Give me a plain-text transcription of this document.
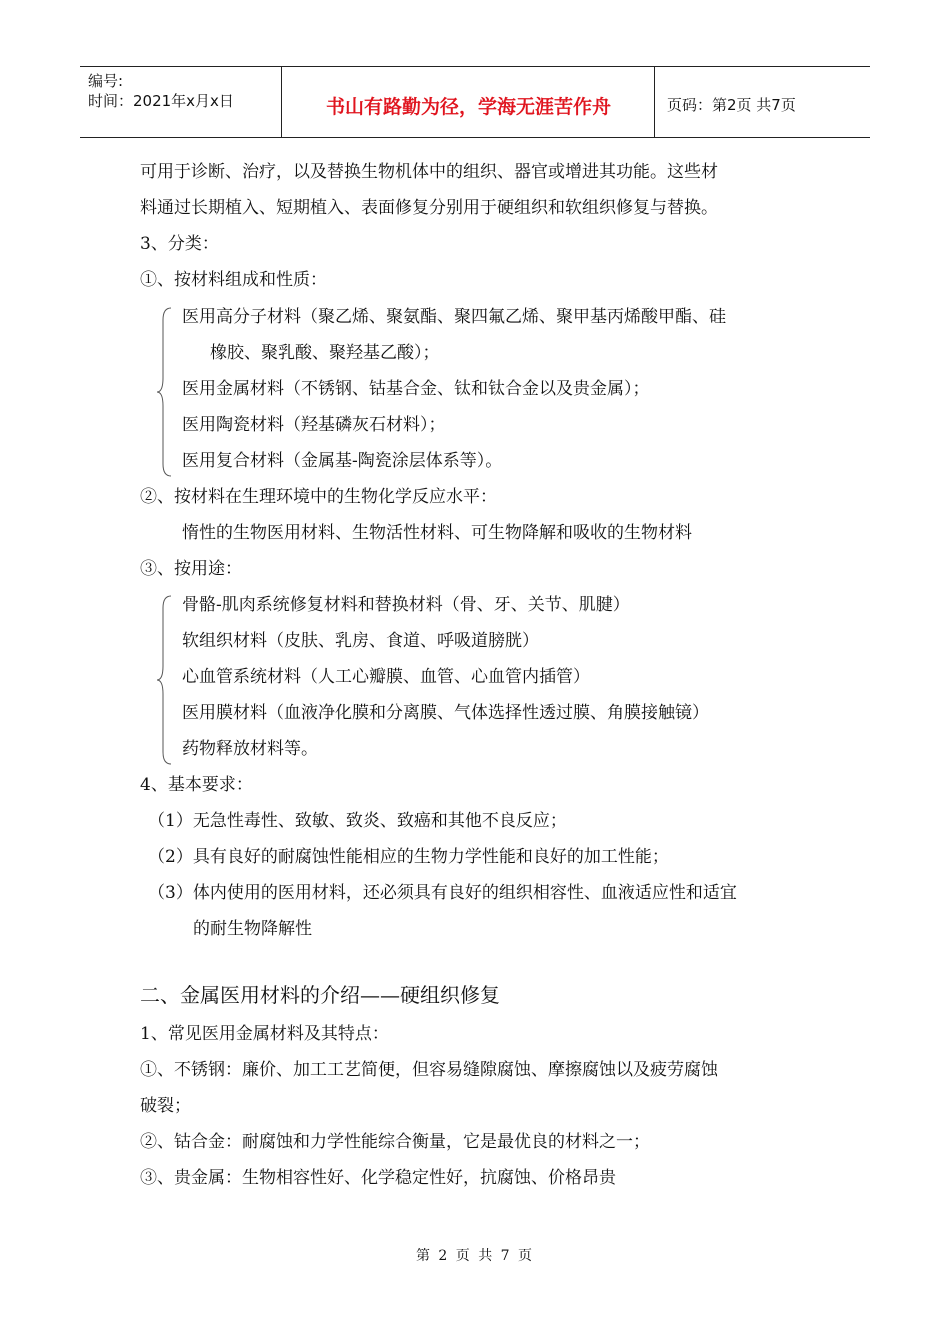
编号:
时间：2021年x月x日	书山有路勤为径，学海无涯苦作舟	页码：第2页 共7页
可用于诊断、治疗，以及替换生物机体中的组织、器官或增进其功能。这些材
料通过长期植入、短期植入、表面修复分别用于硬组织和软组织修复与替换。
3、分类：
①、按材料组成和性质：
医用高分子材料（聚乙烯、聚氨酯、聚四氟乙烯、聚甲基丙烯酸甲酯、硅
橡胶、聚乳酸、聚羟基乙酸）；
医用金属材料（不锈钢、钴基合金、钛和钛合金以及贵金属）；
医用陶瓷材料（羟基磷灰石材料）；
医用复合材料（金属基-陶瓷涂层体系等）。
②、按材料在生理环境中的生物化学反应水平：
惰性的生物医用材料、生物活性材料、可生物降解和吸收的生物材料
③、按用途：
骨骼-肌肉系统修复材料和替换材料（骨、牙、关节、肌腱）
软组织材料（皮肤、乳房、食道、呼吸道膀胱）
心血管系统材料（人工心瓣膜、血管、心血管内插管）
医用膜材料（血液净化膜和分离膜、气体选择性透过膜、角膜接触镜）
药物释放材料等。
4、基本要求：
（1）无急性毒性、致敏、致炎、致癌和其他不良反应；
（2）具有良好的耐腐蚀性能相应的生物力学性能和良好的加工性能；
（3）体内使用的医用材料，还必须具有良好的组织相容性、血液适应性和适宜
的耐生物降解性
二、金属医用材料的介绍——硬组织修复
1、常见医用金属材料及其特点：
①、不锈钢：廉价、加工工艺简便，但容易缝隙腐蚀、摩擦腐蚀以及疲劳腐蚀
破裂；
②、钴合金：耐腐蚀和力学性能综合衡量，它是最优良的材料之一；
③、贵金属：生物相容性好、化学稳定性好，抗腐蚀、价格昂贵
第 2 页 共 7 页
